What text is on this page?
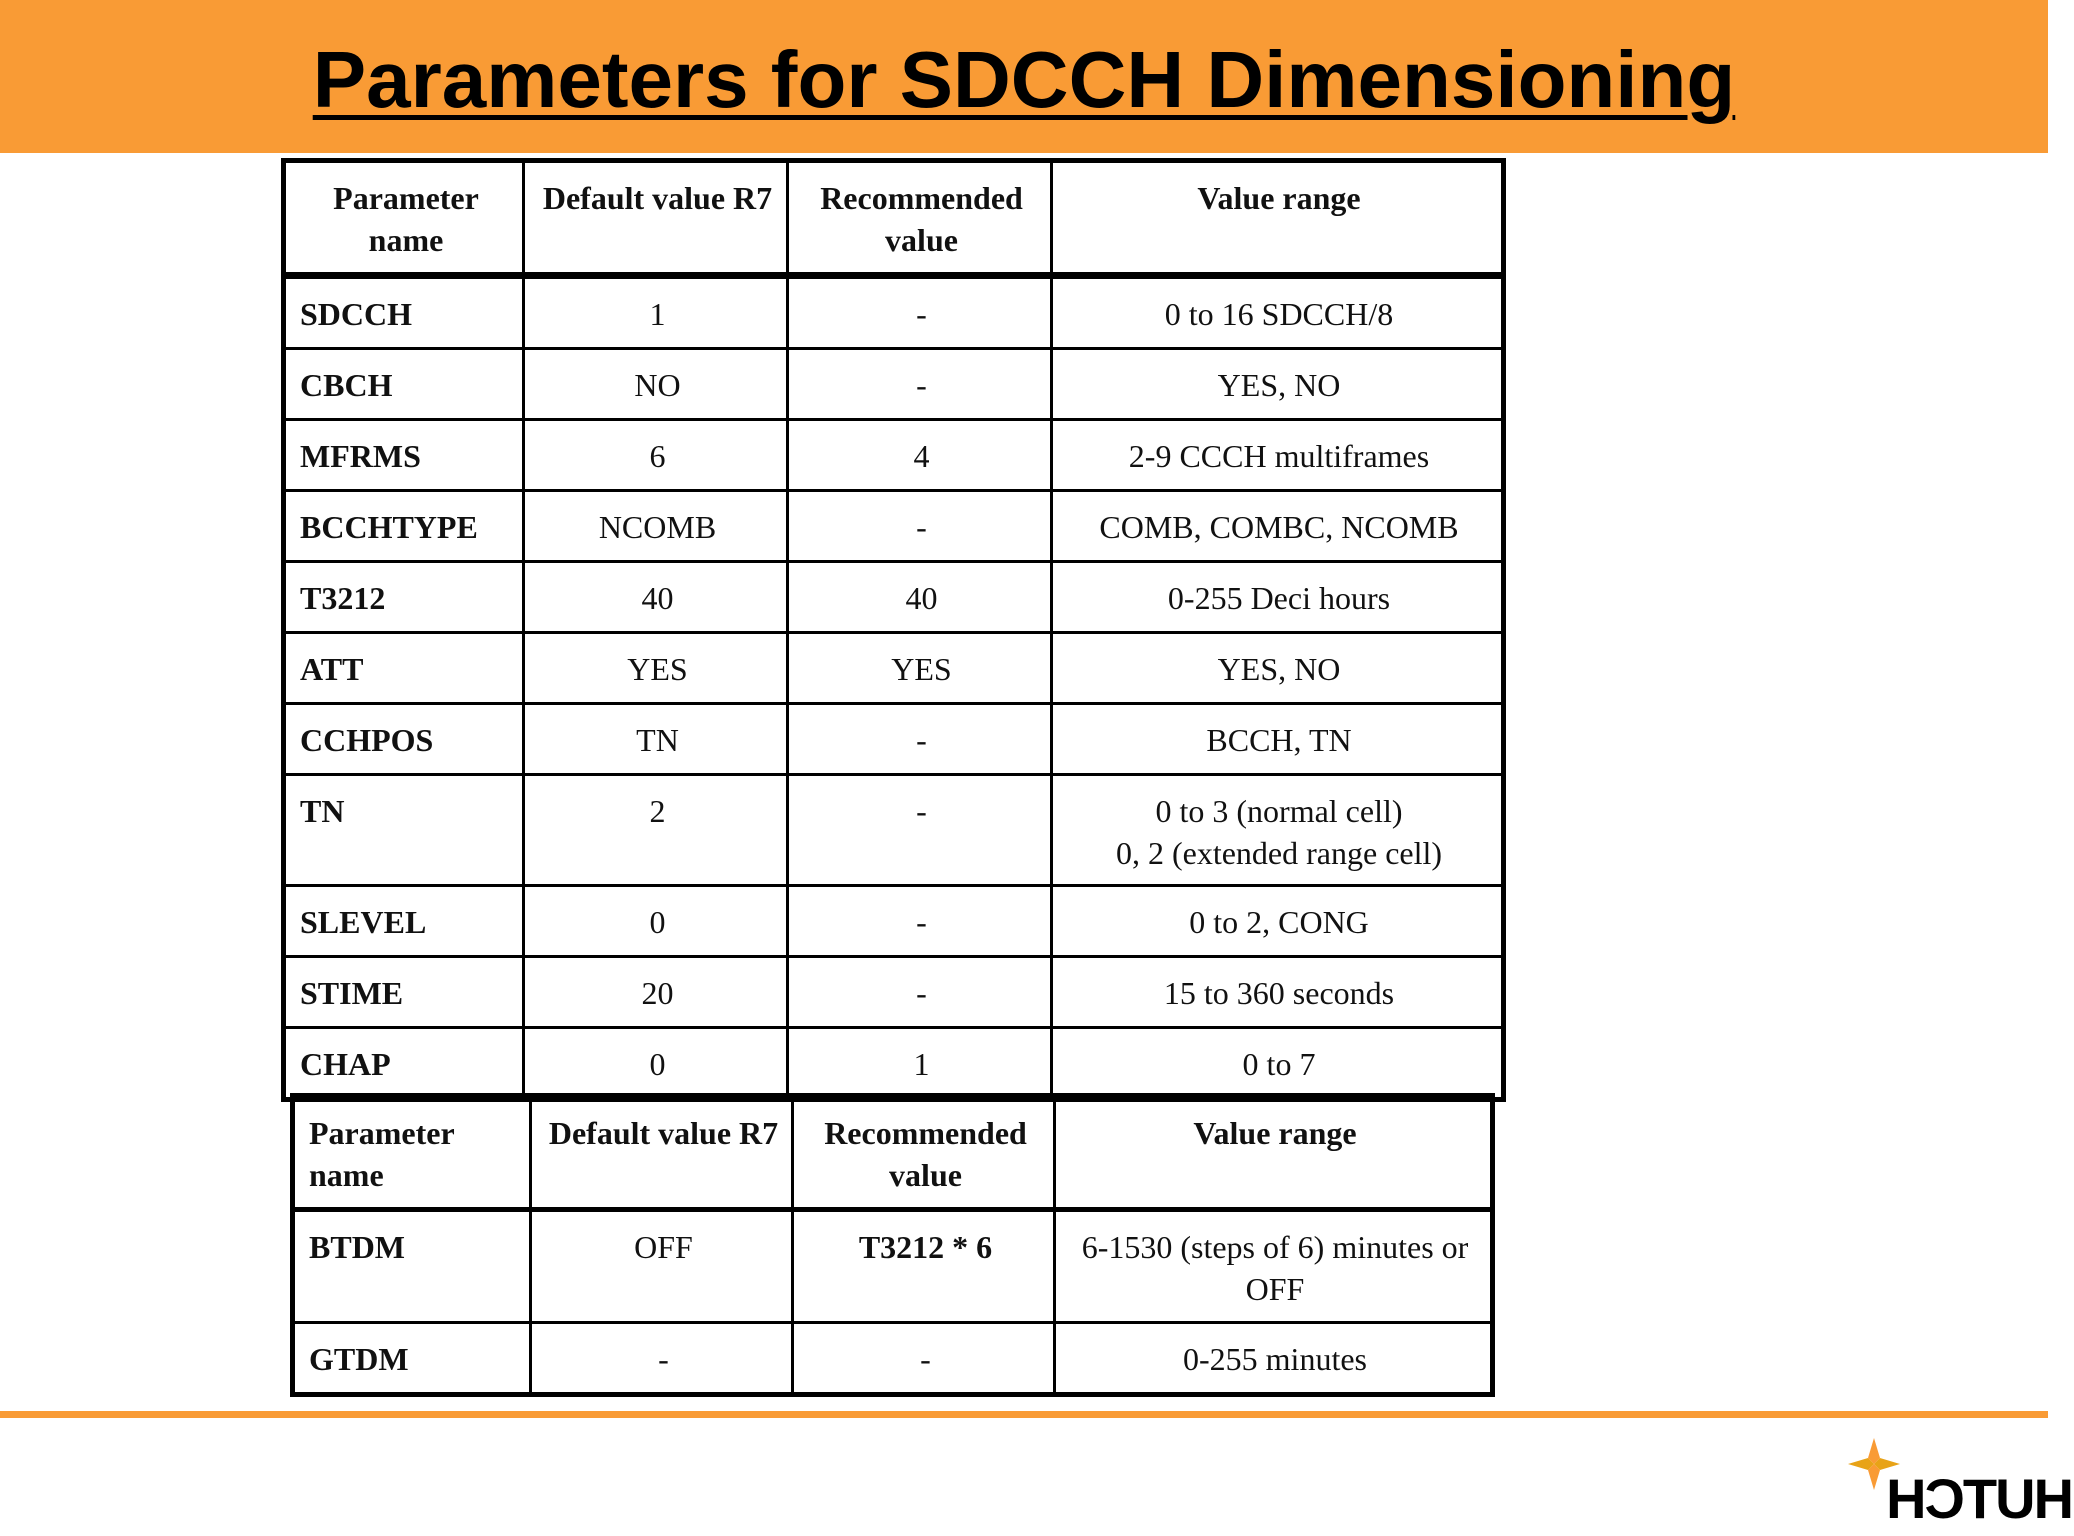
Parameters for SDCCH Dimensioning
Parameter name	Default value R7	Recommended value	Value range
SDCCH	1	-	0 to 16 SDCCH/8
CBCH	NO	-	YES, NO
MFRMS	6	4	2-9 CCCH multiframes
BCCHTYPE	NCOMB	-	COMB, COMBC, NCOMB
T3212	40	40	0-255 Deci hours
ATT	YES	YES	YES, NO
CCHPOS	TN	-	BCCH, TN
TN	2	-	0 to 3 (normal cell)
0, 2 (extended range cell)

SLEVEL	0	-	0 to 2, CONG
STIME	20	-	15 to 360 seconds
CHAP	0	1	0 to 7
Parameter name	Default value R7	Recommended value	Value range
BTDM	OFF	T3212 * 6	6-1530 (steps of 6) minutes or OFF
GTDM	-	-	0-255 minutes
HUTCH
